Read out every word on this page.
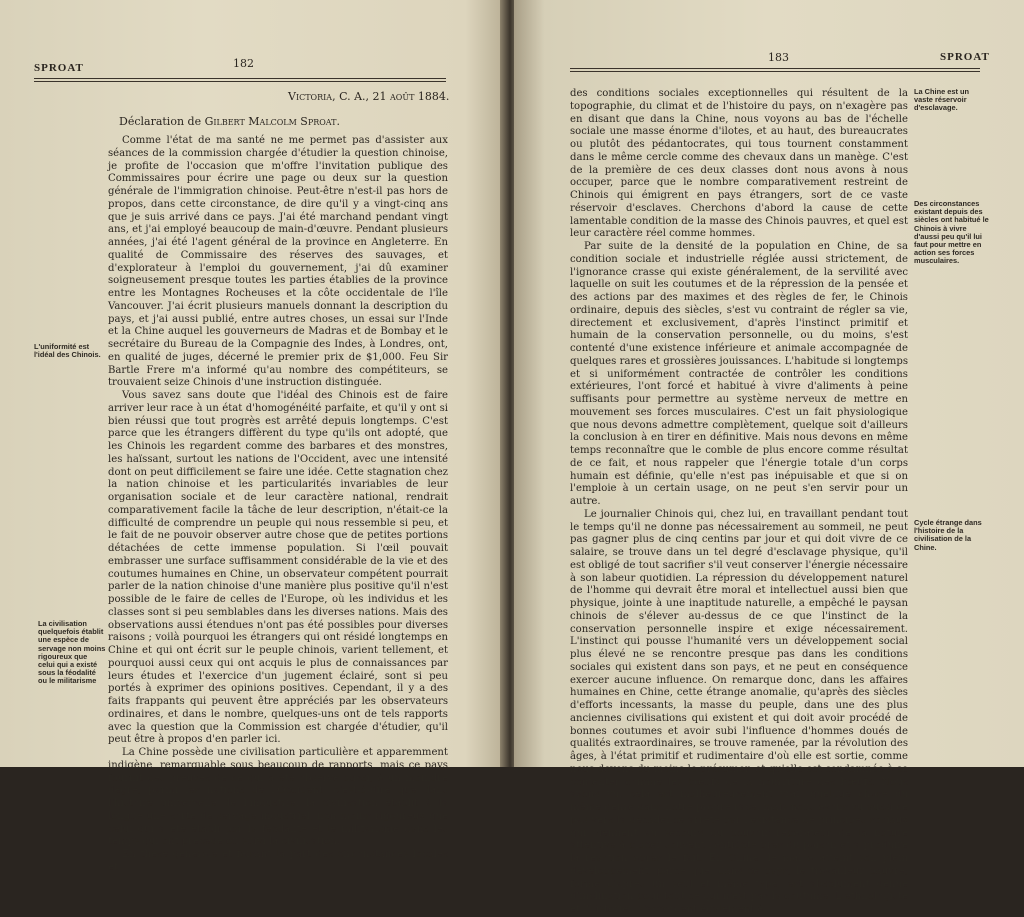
SPROAT	182
Victoria, C. A., 21 août 1884.
Déclaration de Gilbert Malcolm Sproat.

Comme l'état de ma santé ne me permet pas d'assister aux séances de la commission chargée d'étudier la question chinoise, je profite de l'occasion que m'offre l'invitation publique des Commissaires pour écrire une page ou deux sur la question générale de l'immigration chinoise. Peut-être n'est-il pas hors de propos, dans cette circonstance, de dire qu'il y a vingt-cinq ans que je suis arrivé dans ce pays. J'ai été marchand pendant vingt ans, et j'ai employé beaucoup de main-d'œuvre. Pendant plusieurs années, j'ai été l'agent général de la province en Angleterre. En qualité de Commissaire des réserves des sauvages, et d'explorateur à l'emploi du gouvernement, j'ai dû examiner soigneusement presque toutes les parties établies de la province entre les Montagnes Rocheuses et la côte occidentale de l'île Vancouver. J'ai écrit plusieurs manuels donnant la description du pays, et j'ai aussi publié, entre autres choses, un essai sur l'Inde et la Chine auquel les gouverneurs de Madras et de Bombay et le secrétaire du Bureau de la Compagnie des Indes, à Londres, ont, en qualité de juges, décerné le premier prix de $1,000. Feu Sir Bartle Frere m'a informé qu'au nombre des compétiteurs, se trouvaient seize Chinois d'une instruction distinguée.

Vous savez sans doute que l'idéal des Chinois est de faire arriver leur race à un état d'homogénéité parfaite, et qu'il y ont si bien réussi que tout progrès est arrêté depuis longtemps. C'est parce que les étrangers diffèrent du type qu'ils ont adopté, que les Chinois les regardent comme des barbares et des monstres, les haïssant, surtout les nations de l'Occident, avec une intensité dont on peut difficilement se faire une idée. Cette stagnation chez la nation chinoise et les particularités invariables de leur organisation sociale et de leur caractère national, rendrait comparativement facile la tâche de leur description, n'était-ce la difficulté de comprendre un peuple qui nous ressemble si peu, et le fait de ne pouvoir observer autre chose que de petites portions détachées de cette immense population. Si l'œil pouvait embrasser une surface suffisamment considérable de la vie et des coutumes humaines en Chine, un observateur compétent pourrait parler de la nation chinoise d'une manière plus positive qu'il n'est possible de le faire de celles de l'Europe, où les individus et les classes sont si peu semblables dans les diverses nations. Mais des observations aussi étendues n'ont pas été possibles pour diverses raisons ; voilà pourquoi les étrangers qui ont résidé longtemps en Chine et qui ont écrit sur le peuple chinois, varient tellement, et pourquoi aussi ceux qui ont acquis le plus de connaissances par leurs études et l'exercice d'un jugement éclairé, sont si peu portés à exprimer des opinions positives. Cependant, il y a des faits frappants qui peuvent être appréciés par les observateurs ordinaires, et dans le nombre, quelques-uns ont de tels rapports avec la question que la Commission est chargée d'étudier, qu'il peut être à propos d'en parler ici.

La Chine possède une civilisation particulière et apparemment indigène, remarquable sous beaucoup de rapports, mais ce pays fournit des preuves de ce qui a été observé aussi, à un moindre degré, parmi les nations de l'Occident, c'est-à-dire que dans l'histoire universelle de l'industrie, la civilisation établit à la longue une sorte de servage industriel, non moins rigoureux que celui qui a été établi par la féodalité et le militarisme dans les temps qui ont précédé ou suivi la civilisation.

En thèse générale et faisant la part des circonstances locales et

L'uniformité est l'idéal des Chinois.
La civilisation quelquefois établit une espèce de servage non moins rigoureux que celui qui a existé sous la féodalité ou le militarisme
183	SPROAT

des conditions sociales exceptionnelles qui résultent de la topographie, du climat et de l'histoire du pays, on n'exagère pas en disant que dans la Chine, nous voyons au bas de l'échelle sociale une masse énorme d'ilotes, et au haut, des bureaucrates ou plutôt des pédantocrates, qui tous tournent constamment dans le même cercle comme des chevaux dans un manège. C'est de la première de ces deux classes dont nous avons à nous occuper, parce que le nombre comparativement restreint de Chinois qui émigrent en pays étrangers, sort de ce vaste réservoir d'esclaves. Cherchons d'abord la cause de cette lamentable condition de la masse des Chinois pauvres, et quel est leur caractère réel comme hommes.

Par suite de la densité de la population en Chine, de sa condition sociale et industrielle réglée aussi strictement, de l'ignorance crasse qui existe généralement, de la servilité avec laquelle on suit les coutumes et de la répression de la pensée et des actions par des maximes et des règles de fer, le Chinois ordinaire, depuis des siècles, s'est vu contraint de régler sa vie, directement et exclusivement, d'après l'instinct primitif et humain de la conservation personnelle, ou du moins, s'est contenté d'une existence inférieure et animale accompagnée de quelques rares et grossières jouissances. L'habitude si longtemps et si uniformément contractée de contrôler les conditions extérieures, l'ont forcé et habitué à vivre d'aliments à peine suffisants pour permettre au système nerveux de mettre en mouvement ses forces musculaires. C'est un fait physiologique que nous devons admettre complètement, quelque soit d'ailleurs la conclusion à en tirer en définitive. Mais nous devons en même temps reconnaître que le comble de plus encore comme résultat de ce fait, et nous rappeler que l'énergie totale d'un corps humain est définie, qu'elle n'est pas inépuisable et que si on l'emploie à un certain usage, on ne peut s'en servir pour un autre.

Le journalier Chinois qui, chez lui, en travaillant pendant tout le temps qu'il ne donne pas nécessairement au sommeil, ne peut pas gagner plus de cinq centins par jour et qui doit vivre de ce salaire, se trouve dans un tel degré d'esclavage physique, qu'il est obligé de tout sacrifier s'il veut conserver l'énergie nécessaire à son labeur quotidien. La répression du développement naturel de l'homme qui devrait être moral et intellectuel aussi bien que physique, jointe à une inaptitude naturelle, a empêché le paysan chinois de s'élever au-dessus de ce que l'instinct de la conservation personnelle inspire et exige nécessairement. L'instinct qui pousse l'humanité vers un développement social plus élevé ne se rencontre presque pas dans les conditions sociales qui existent dans son pays, et ne peut en conséquence exercer aucune influence. On remarque donc, dans les affaires humaines en Chine, cette étrange anomalie, qu'après des siècles d'efforts incessants, la masse du peuple, dans une des plus anciennes civilisations qui existent et qui doit avoir procédé de bonnes coutumes et avoir subi l'influence d'hommes doués de qualités extraordinaires, se trouve ramenée, par la révolution des âges, à l'état primitif et rudimentaire d'où elle est sortie, comme nous devons du moins le présumer, et qu'elle est condamnée à se contenter comme les bœufs de la nourriture des bœufs. Nous avons vu, cela est malheureusement vrai, quelque chose du même genre dans notre propre race, mais nous avons vu aussi ce pas vers la décadence arrêté par l'existence de principes sociaux qui viennent au secours du pouvoir réparateur de la nature attentive à placer souvent l'antidote près du poison et à produire la réaction après le fait. En Chine, le mal a atteint son plein développement, parce que, dans ce pays, le travailleur pauvre, formé d'après un seul et même type, est absolument dénué d'inclination pour tout ce qui n'est pas la coutume. L'ethnologiste et l'historien s'accordent également à

La Chine est un vaste réservoir d'esclavage.
Des circonstances existant depuis des siècles ont habitué le Chinois à vivre d'aussi peu qu'il lui faut pour mettre en action ses forces musculaires.
Cycle étrange dans l'histoire de la civilisation de la Chine.
